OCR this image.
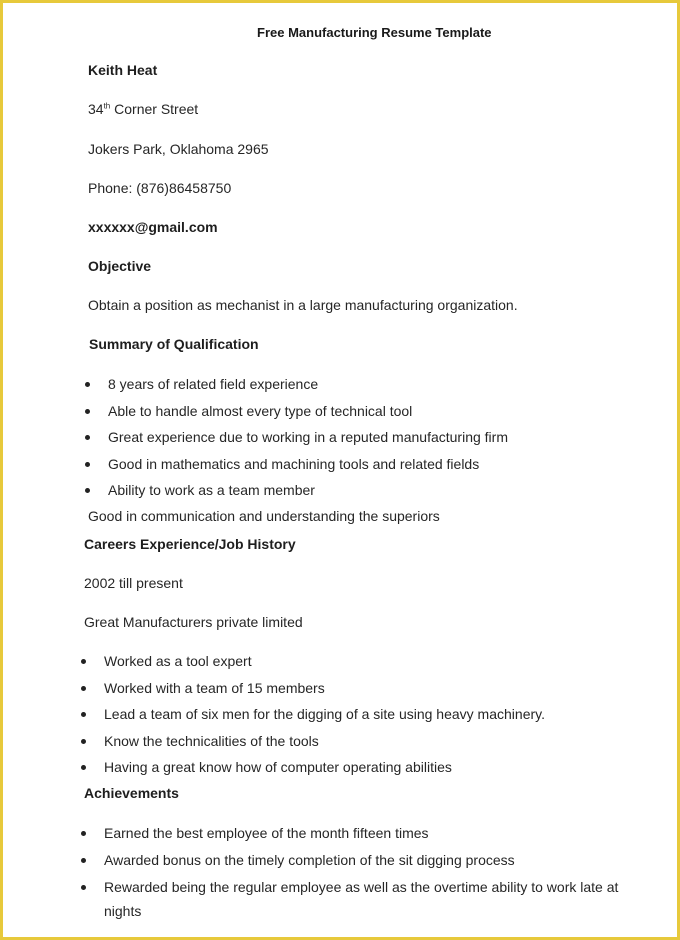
Free Manufacturing Resume Template

Keith Heat

34th Corner Street

Jokers Park, Oklahoma 2965

Phone: (876)86458750

xxxxxx@gmail.com

Objective

Obtain a position as mechanist in a large manufacturing organization.

Summary of Qualification

8 years of related field experience
Able to handle almost every type of technical tool
Great experience due to working in a reputed manufacturing firm
Good in mathematics and machining tools and related fields
Ability to work as a team member

Good in communication and understanding the superiors

Careers Experience/Job History

2002 till present

Great Manufacturers private limited

Worked as a tool expert
Worked with a team of 15 members
Lead a team of six men for the digging of a site using heavy machinery.
Know the technicalities of the tools
Having a great know how of computer operating abilities

Achievements

Earned the best employee of the month fifteen times
Awarded bonus on the timely completion of the sit digging process
Rewarded being the regular employee as well as the overtime ability to work late at nights
